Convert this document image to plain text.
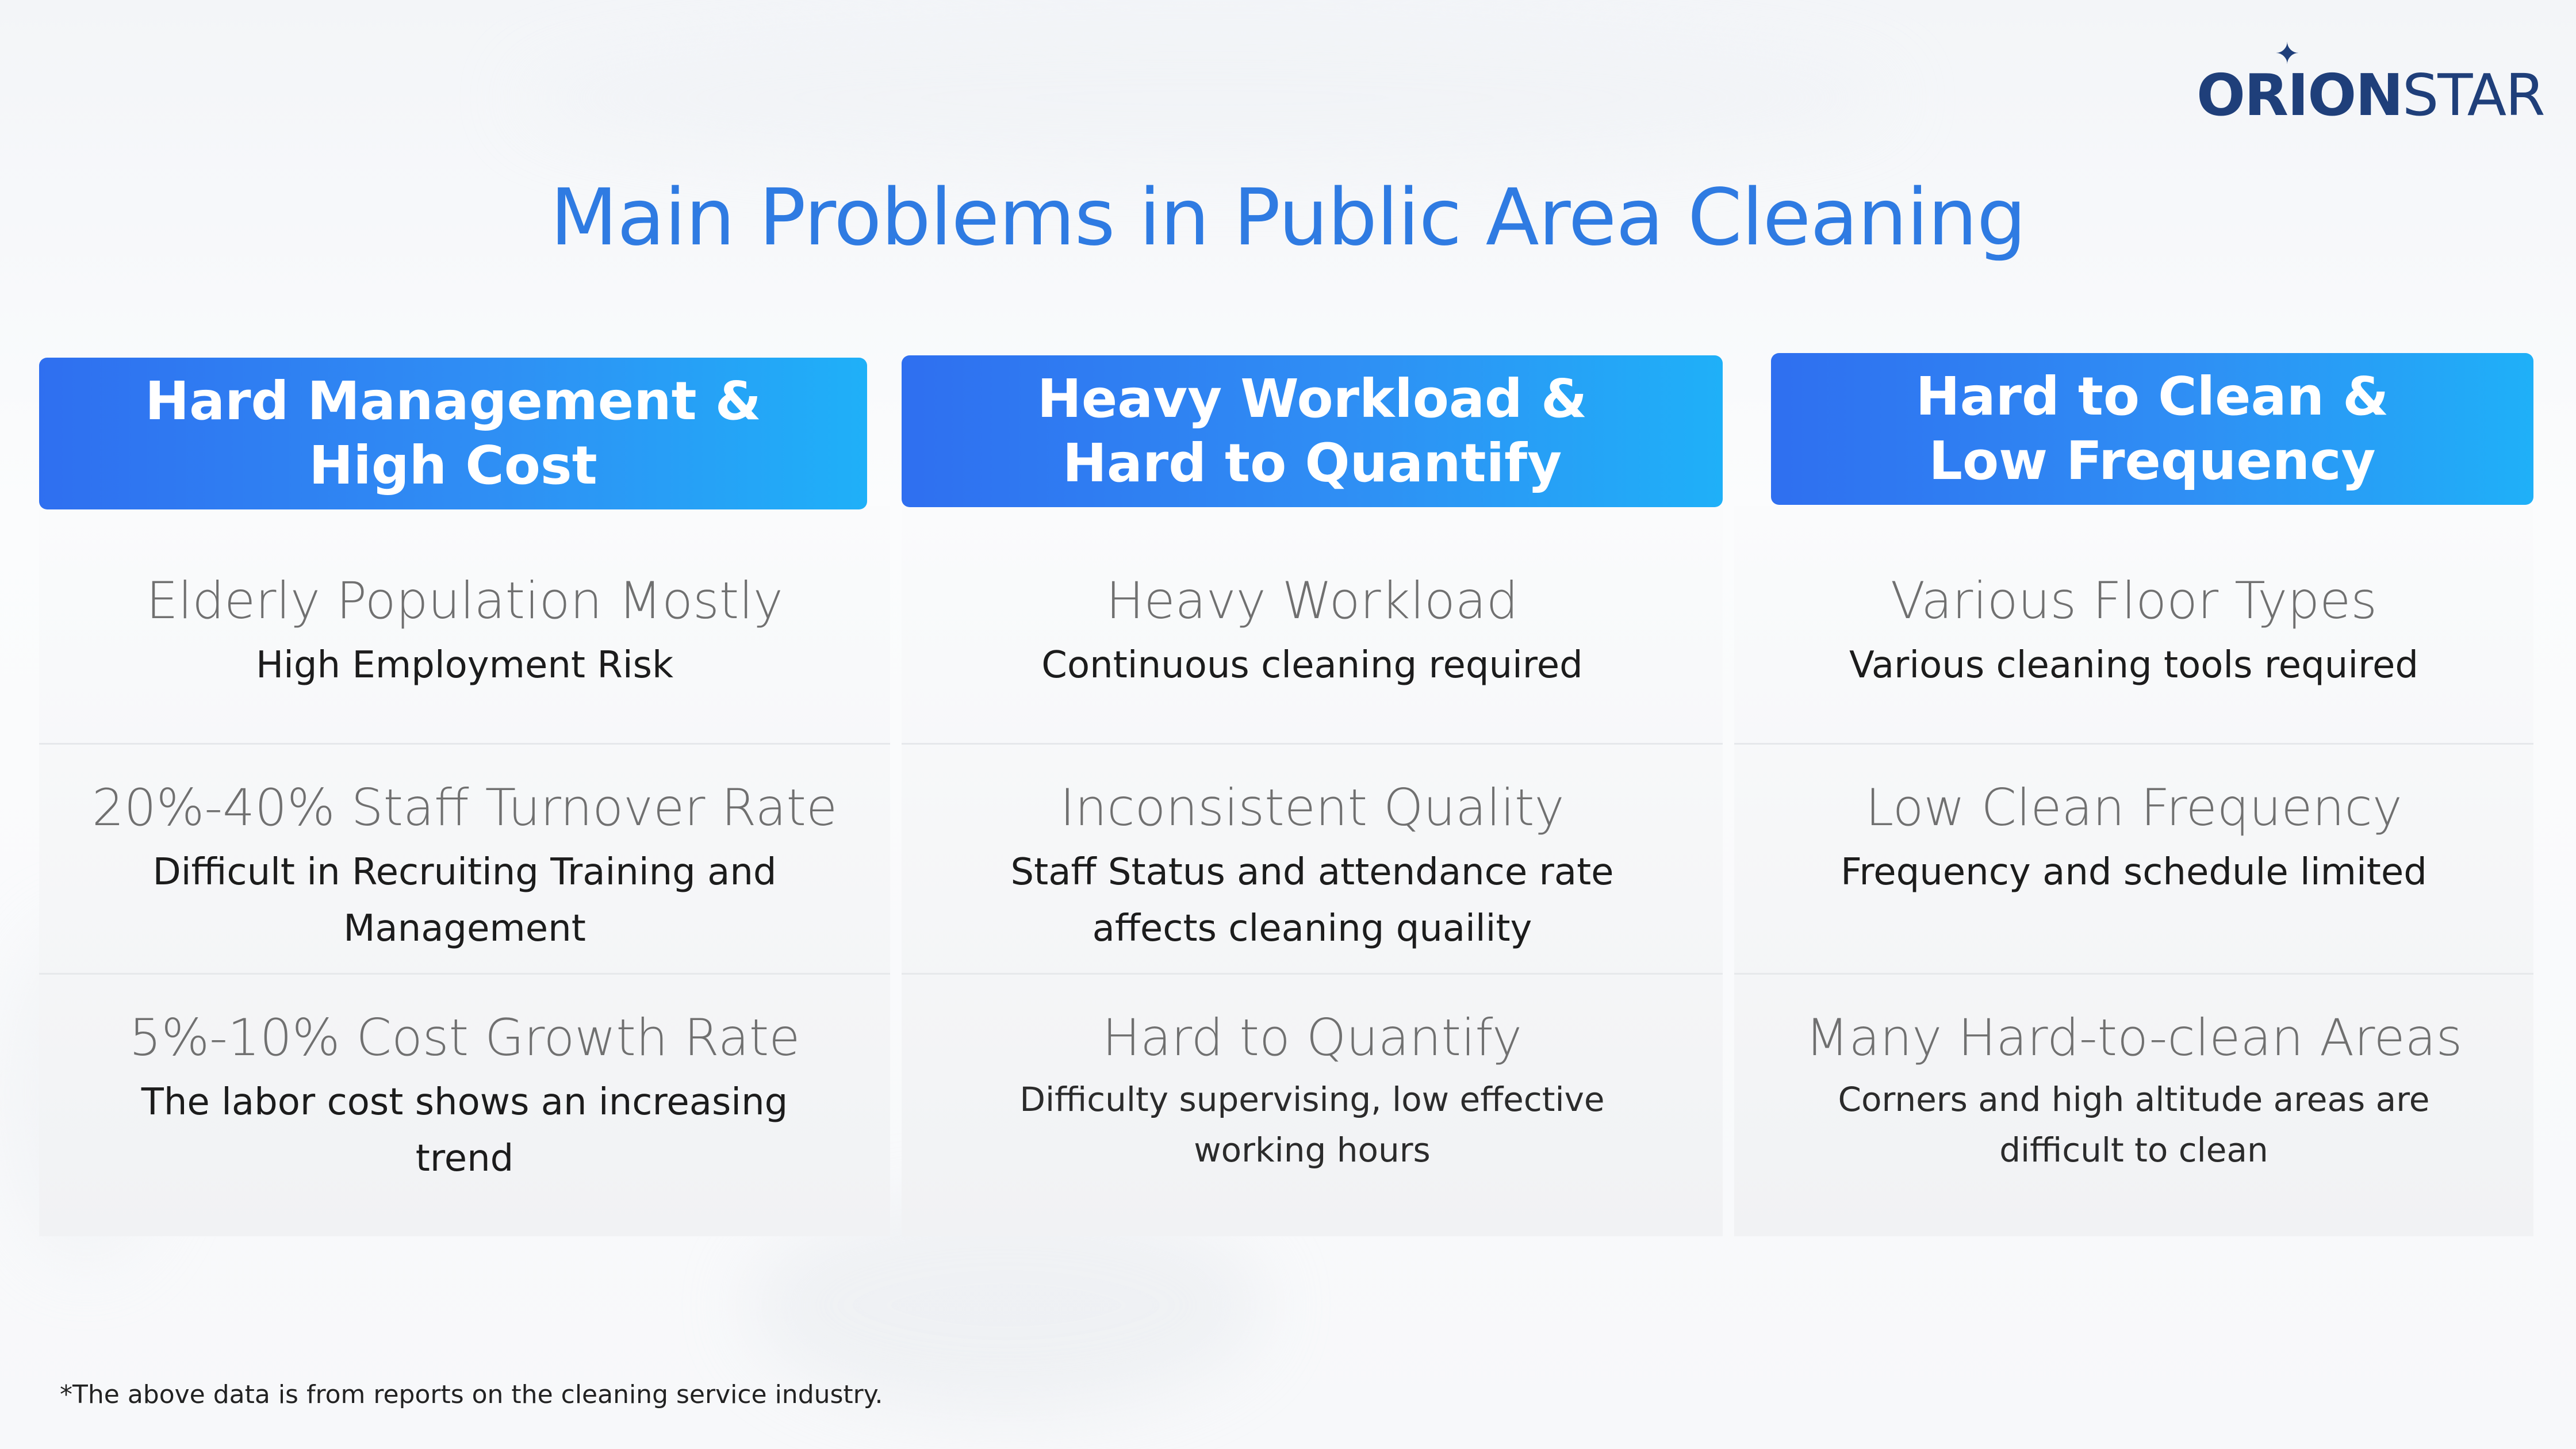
✦
ORIONSTAR
Main Problems in Public Area Cleaning
Hard Management &
High Cost

Elderly Population Mostly

High Employment Risk

20%-40% Staff Turnover Rate

Difficult in Recruiting Training and Management

5%-10% Cost Growth Rate

The labor cost shows an increasing trend

Heavy Workload &
Hard to Quantify

Heavy Workload

Continuous cleaning required

Inconsistent Quality

Staff Status and attendance rate affects cleaning quaility

Hard to Quantify

Difficulty supervising, low effective working hours

Hard to Clean &
Low Frequency

Various Floor Types

Various cleaning tools required

Low Clean Frequency

Frequency and schedule limited

Many Hard-to-clean Areas

Corners and high altitude areas are difficult to clean

*The above data is from reports on the cleaning service industry.
